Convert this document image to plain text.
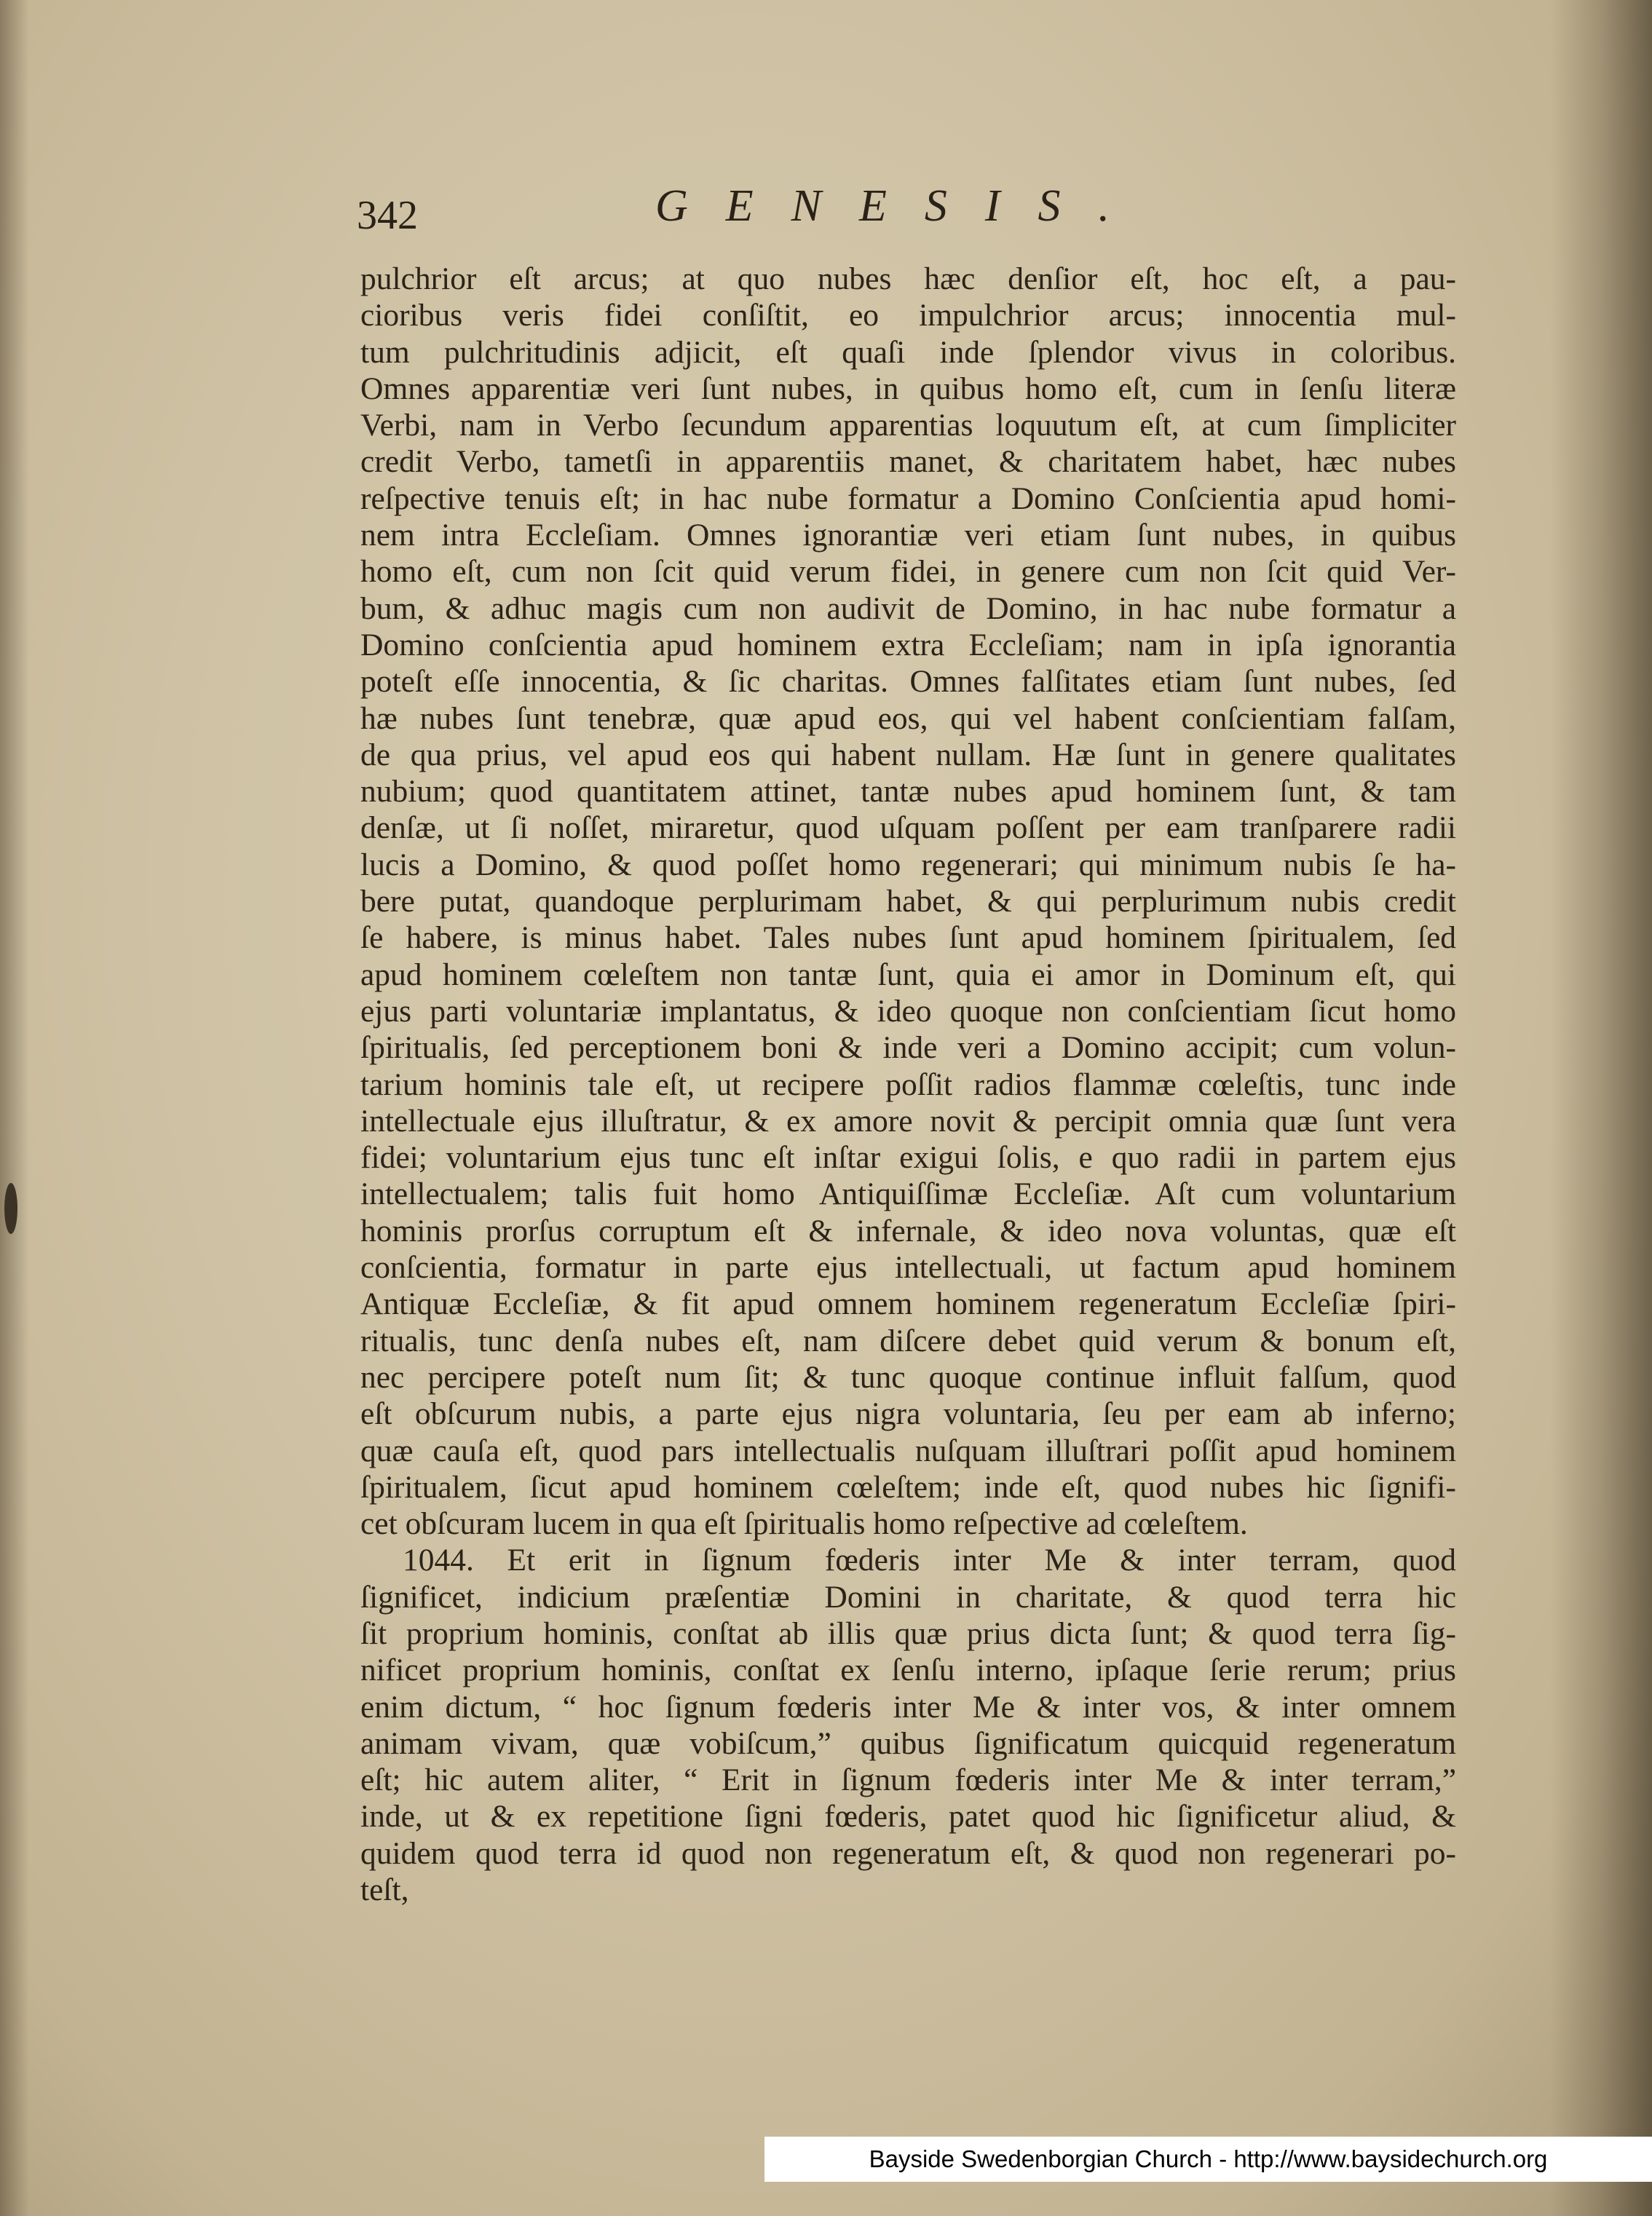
342	GENESIS.
pulchrior eſt arcus; at quo nubes hæc denſior eſt, hoc eſt, a pau-
cioribus veris fidei conſiſtit, eo impulchrior arcus; innocentia mul-
tum pulchritudinis adjicit, eſt quaſi inde ſplendor vivus in coloribus.
Omnes apparentiæ veri ſunt nubes, in quibus homo eſt, cum in ſenſu literæ
Verbi, nam in Verbo ſecundum apparentias loquutum eſt, at cum ſimpliciter
credit Verbo, tametſi in apparentiis manet, & charitatem habet, hæc nubes
reſpective tenuis eſt; in hac nube formatur a Domino Conſcientia apud homi-
nem intra Eccleſiam. Omnes ignorantiæ veri etiam ſunt nubes, in quibus
homo eſt, cum non ſcit quid verum fidei, in genere cum non ſcit quid Ver-
bum, & adhuc magis cum non audivit de Domino, in hac nube formatur a
Domino conſcientia apud hominem extra Eccleſiam; nam in ipſa ignorantia
poteſt eſſe innocentia, & ſic charitas. Omnes falſitates etiam ſunt nubes, ſed
hæ nubes ſunt tenebræ, quæ apud eos, qui vel habent conſcientiam falſam,
de qua prius, vel apud eos qui habent nullam. Hæ ſunt in genere qualitates
nubium; quod quantitatem attinet, tantæ nubes apud hominem ſunt, & tam
denſæ, ut ſi noſſet, miraretur, quod uſquam poſſent per eam tranſparere radii
lucis a Domino, & quod poſſet homo regenerari; qui minimum nubis ſe ha-
bere putat, quandoque perplurimam habet, & qui perplurimum nubis credit
ſe habere, is minus habet. Tales nubes ſunt apud hominem ſpiritualem, ſed
apud hominem cœleſtem non tantæ ſunt, quia ei amor in Dominum eſt, qui
ejus parti voluntariæ implantatus, & ideo quoque non conſcientiam ſicut homo
ſpiritualis, ſed perceptionem boni & inde veri a Domino accipit; cum volun-
tarium hominis tale eſt, ut recipere poſſit radios flammæ cœleſtis, tunc inde
intellectuale ejus illuſtratur, & ex amore novit & percipit omnia quæ ſunt vera
fidei; voluntarium ejus tunc eſt inſtar exigui ſolis, e quo radii in partem ejus
intellectualem; talis fuit homo Antiquiſſimæ Eccleſiæ. Aſt cum voluntarium
hominis prorſus corruptum eſt & infernale, & ideo nova voluntas, quæ eſt
conſcientia, formatur in parte ejus intellectuali, ut factum apud hominem
Antiquæ Eccleſiæ, & fit apud omnem hominem regeneratum Eccleſiæ ſpiri-
ritualis, tunc denſa nubes eſt, nam diſcere debet quid verum & bonum eſt,
nec percipere poteſt num ſit; & tunc quoque continue influit falſum, quod
eſt obſcurum nubis, a parte ejus nigra voluntaria, ſeu per eam ab inferno;
quæ cauſa eſt, quod pars intellectualis nuſquam illuſtrari poſſit apud hominem
ſpiritualem, ſicut apud hominem cœleſtem; inde eſt, quod nubes hic ſignifi-
cet obſcuram lucem in qua eſt ſpiritualis homo reſpective ad cœleſtem.
1044. Et erit in ſignum fœderis inter Me & inter terram, quod
ſignificet, indicium præſentiæ Domini in charitate, & quod terra hic
ſit proprium hominis, conſtat ab illis quæ prius dicta ſunt; & quod terra ſig-
nificet proprium hominis, conſtat ex ſenſu interno, ipſaque ſerie rerum; prius
enim dictum, “ hoc ſignum fœderis inter Me & inter vos, & inter omnem
animam vivam, quæ vobiſcum,” quibus ſignificatum quicquid regeneratum
eſt; hic autem aliter, “ Erit in ſignum fœderis inter Me & inter terram,”
inde, ut & ex repetitione ſigni fœderis, patet quod hic ſignificetur aliud, &
quidem quod terra id quod non regeneratum eſt, & quod non regenerari po-
teſt,
Bayside Swedenborgian Church - http://www.baysidechurch.org
